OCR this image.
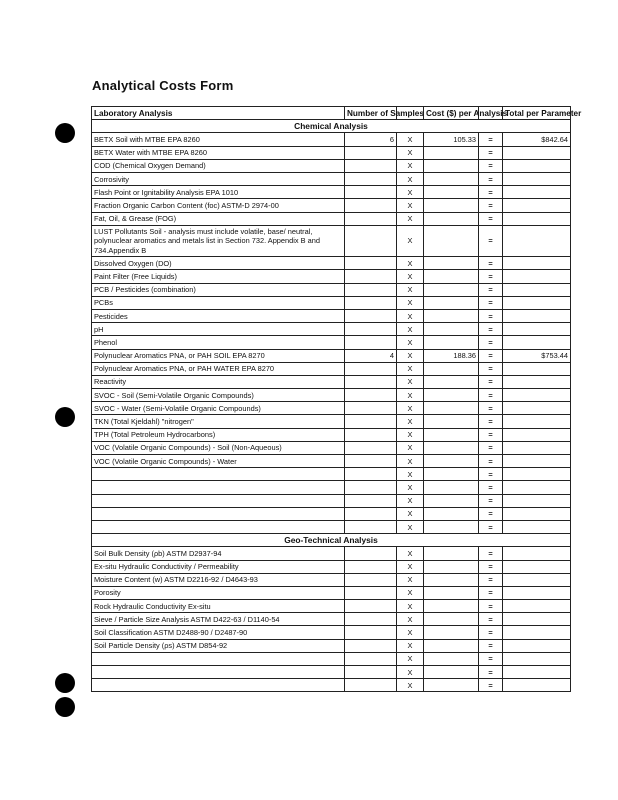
Analytical Costs Form
Laboratory Analysis	Number of Samples		Cost ($) per Analysis		Total per Parameter
Chemical Analysis					
BETX Soil with MTBE EPA 8260	6	X	105.33	=	$842.64
BETX Water with MTBE EPA 8260		X		=	
COD (Chemical Oxygen Demand)		X		=	
Corrosivity		X		=	
Flash Point or Ignitability Analysis EPA 1010		X		=	
Fraction Organic Carbon Content (foc) ASTM-D 2974-00		X		=	
Fat, Oil, & Grease (FOG)		X		=	
LUST Pollutants Soil - analysis must include volatile, base/ neutral, polynuclear aromatics and metals list in Section 732. Appendix B and 734.Appendix B		X		=	
Dissolved Oxygen (DO)		X		=	
Paint Filter (Free Liquids)		X		=	
PCB / Pesticides (combination)		X		=	
PCBs		X		=	
Pesticides		X		=	
pH		X		=	
Phenol		X		=	
Polynuclear Aromatics PNA, or PAH SOIL EPA 8270	4	X	188.36	=	$753.44
Polynuclear Aromatics PNA, or PAH WATER EPA 8270		X		=	
Reactivity		X		=	
SVOC - Soil (Semi-Volatile Organic Compounds)		X		=	
SVOC - Water (Semi-Volatile Organic Compounds)		X		=	
TKN (Total Kjeldahl) "nitrogen"		X		=	
TPH (Total Petroleum Hydrocarbons)		X		=	
VOC (Volatile Organic Compounds) - Soil (Non-Aqueous)		X		=	
VOC (Volatile Organic Compounds) - Water		X		=	
		X		=	
		X		=	
		X		=	
		X		=	
		X		=	
Geo-Technical Analysis					
Soil Bulk Density (ρb) ASTM D2937-94		X		=	
Ex-situ Hydraulic Conductivity / Permeability		X		=	
Moisture Content (w) ASTM D2216-92 / D4643-93		X		=	
Porosity		X		=	
Rock Hydraulic Conductivity Ex-situ		X		=	
Sieve / Particle Size Analysis ASTM D422-63 / D1140-54		X		=	
Soil Classification ASTM D2488-90 / D2487-90		X		=	
Soil Particle Density (ρs) ASTM D854-92		X		=	
		X		=	
		X		=	
		X		=	
